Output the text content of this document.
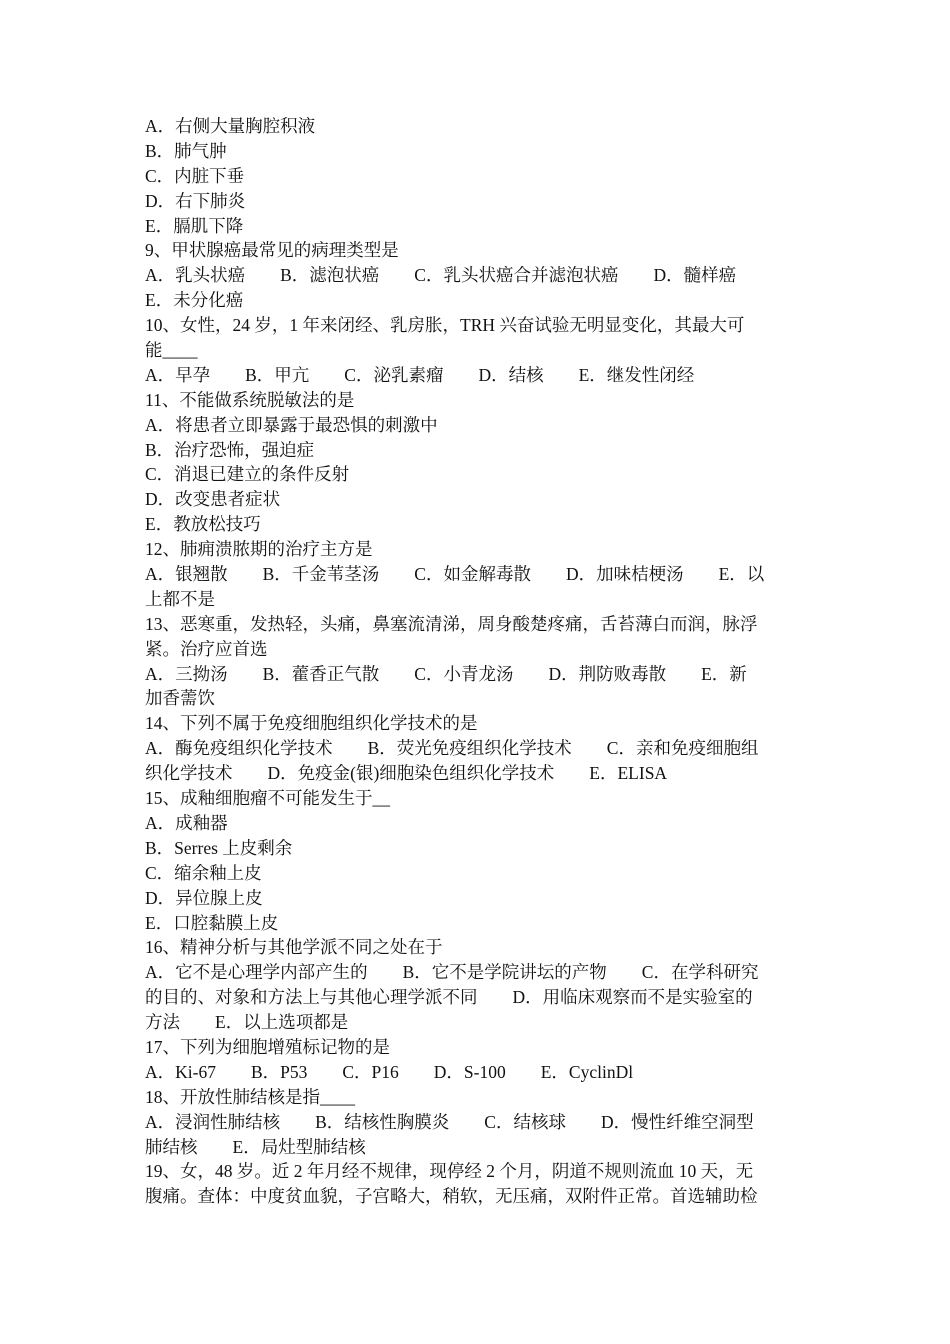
A．右侧大量胸腔积液
B．肺气肿
C．内脏下垂
D．右下肺炎
E．膈肌下降
9、甲状腺癌最常见的病理类型是
A．乳头状癌　　B．滤泡状癌　　C．乳头状癌合并滤泡状癌　　D．髓样癌
E．未分化癌
10、女性，24 岁，1 年来闭经、乳房胀，TRH 兴奋试验无明显变化，其最大可
能____
A．早孕　　B．甲亢　　C．泌乳素瘤　　D．结核　　E．继发性闭经
11、不能做系统脱敏法的是
A．将患者立即暴露于最恐惧的刺激中
B．治疗恐怖，强迫症
C．消退已建立的条件反射
D．改变患者症状
E．教放松技巧
12、肺痈溃脓期的治疗主方是
A．银翘散　　B．千金苇茎汤　　C．如金解毒散　　D．加味桔梗汤　　E．以
上都不是
13、恶寒重，发热轻，头痛，鼻塞流清涕，周身酸楚疼痛，舌苔薄白而润，脉浮
紧。治疗应首选
A．三拗汤　　B．藿香正气散　　C．小青龙汤　　D．荆防败毒散　　E．新
加香薷饮
14、下列不属于免疫细胞组织化学技术的是
A．酶免疫组织化学技术　　B．荧光免疫组织化学技术　　C．亲和免疫细胞组
织化学技术　　D．免疫金(银)细胞染色组织化学技术　　E．ELISA
15、成釉细胞瘤不可能发生于__
A．成釉器
B．Serres 上皮剩余
C．缩余釉上皮
D．异位腺上皮
E．口腔黏膜上皮
16、精神分析与其他学派不同之处在于
A．它不是心理学内部产生的　　B．它不是学院讲坛的产物　　C．在学科研究
的目的、对象和方法上与其他心理学派不同　　D．用临床观察而不是实验室的
方法　　E．以上选项都是
17、下列为细胞增殖标记物的是
A．Ki-67　　B．P53　　C．P16　　D．S-100　　E．CyclinDl
18、开放性肺结核是指____
A．浸润性肺结核　　B．结核性胸膜炎　　C．结核球　　D．慢性纤维空洞型
肺结核　　E．局灶型肺结核
19、女，48 岁。近 2 年月经不规律，现停经 2 个月，阴道不规则流血 10 天，无
腹痛。查体：中度贫血貌，子宫略大，稍软，无压痛，双附件正常。首选辅助检
